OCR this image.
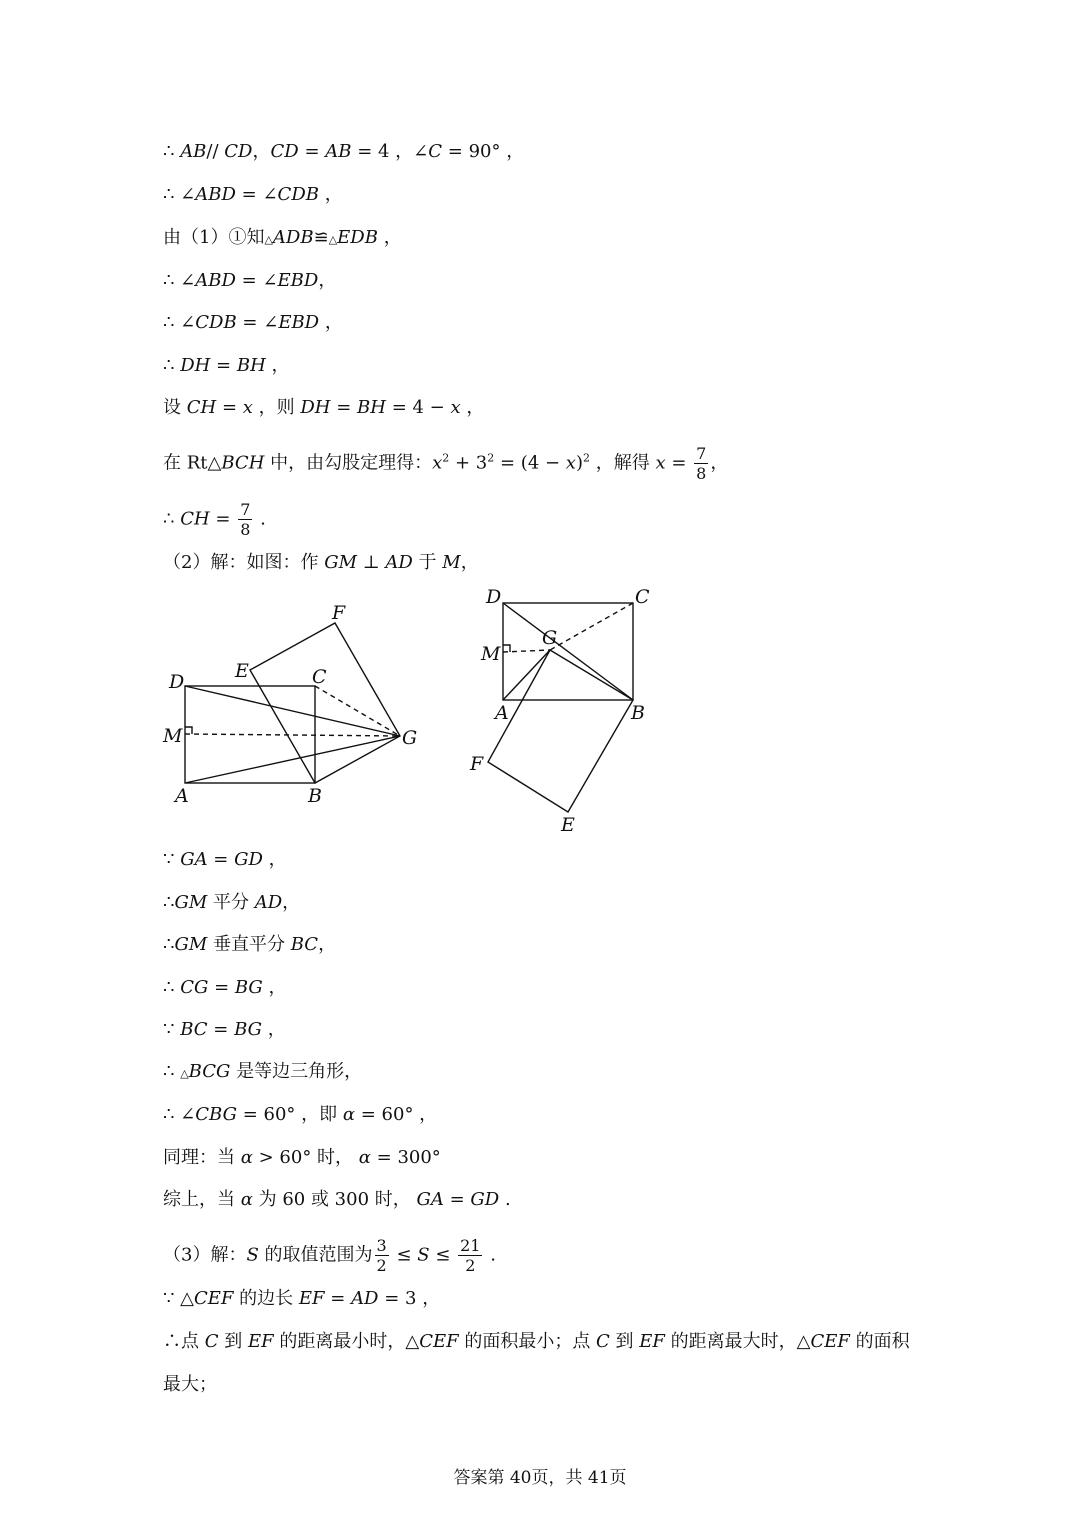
∴ AB// CD，CD = AB = 4 ，∠C = 90° ，
∴ ∠ABD = ∠CDB ，
由（1）①知△ADB≌△EDB ，
∴ ∠ABD = ∠EBD，
∴ ∠CDB = ∠EBD ，
∴ DH = BH ，
设 CH = x ，则 DH = BH = 4 − x ，
在 Rt△BCH 中，由勾股定理得：$x^2 + 3^2 = (4 - x)^2$ ，解得 $x = \frac{7}{8}$ ，
∴ CH = $\frac{7}{8}$ .
（2）解：如图：作 GM ⊥ AD 于 M，
F
E	C
D
M	G
A	B
D	C
G
M
A	B
F
E
∵ GA = GD ，
∴GM 平分 AD，
∴GM 垂直平分 BC，
∴ CG = BG ，
∵ BC = BG ，
∴ △BCG 是等边三角形，
∴ ∠CBG = 60° ，即 α = 60° ，
同理：当 α > 60° 时， α = 300°
综上，当 α 为 60 或 300 时， GA = GD .
（3）解：S 的取值范围为 $\frac{3}{2} \le S \le \frac{21}{2}$ .
∵ △CEF 的边长 EF = AD = 3 ，
∴点 C 到 EF 的距离最小时，△CEF 的面积最小；点 C 到 EF 的距离最大时，△CEF 的面积
最大；
答案第 40页，共 41页
